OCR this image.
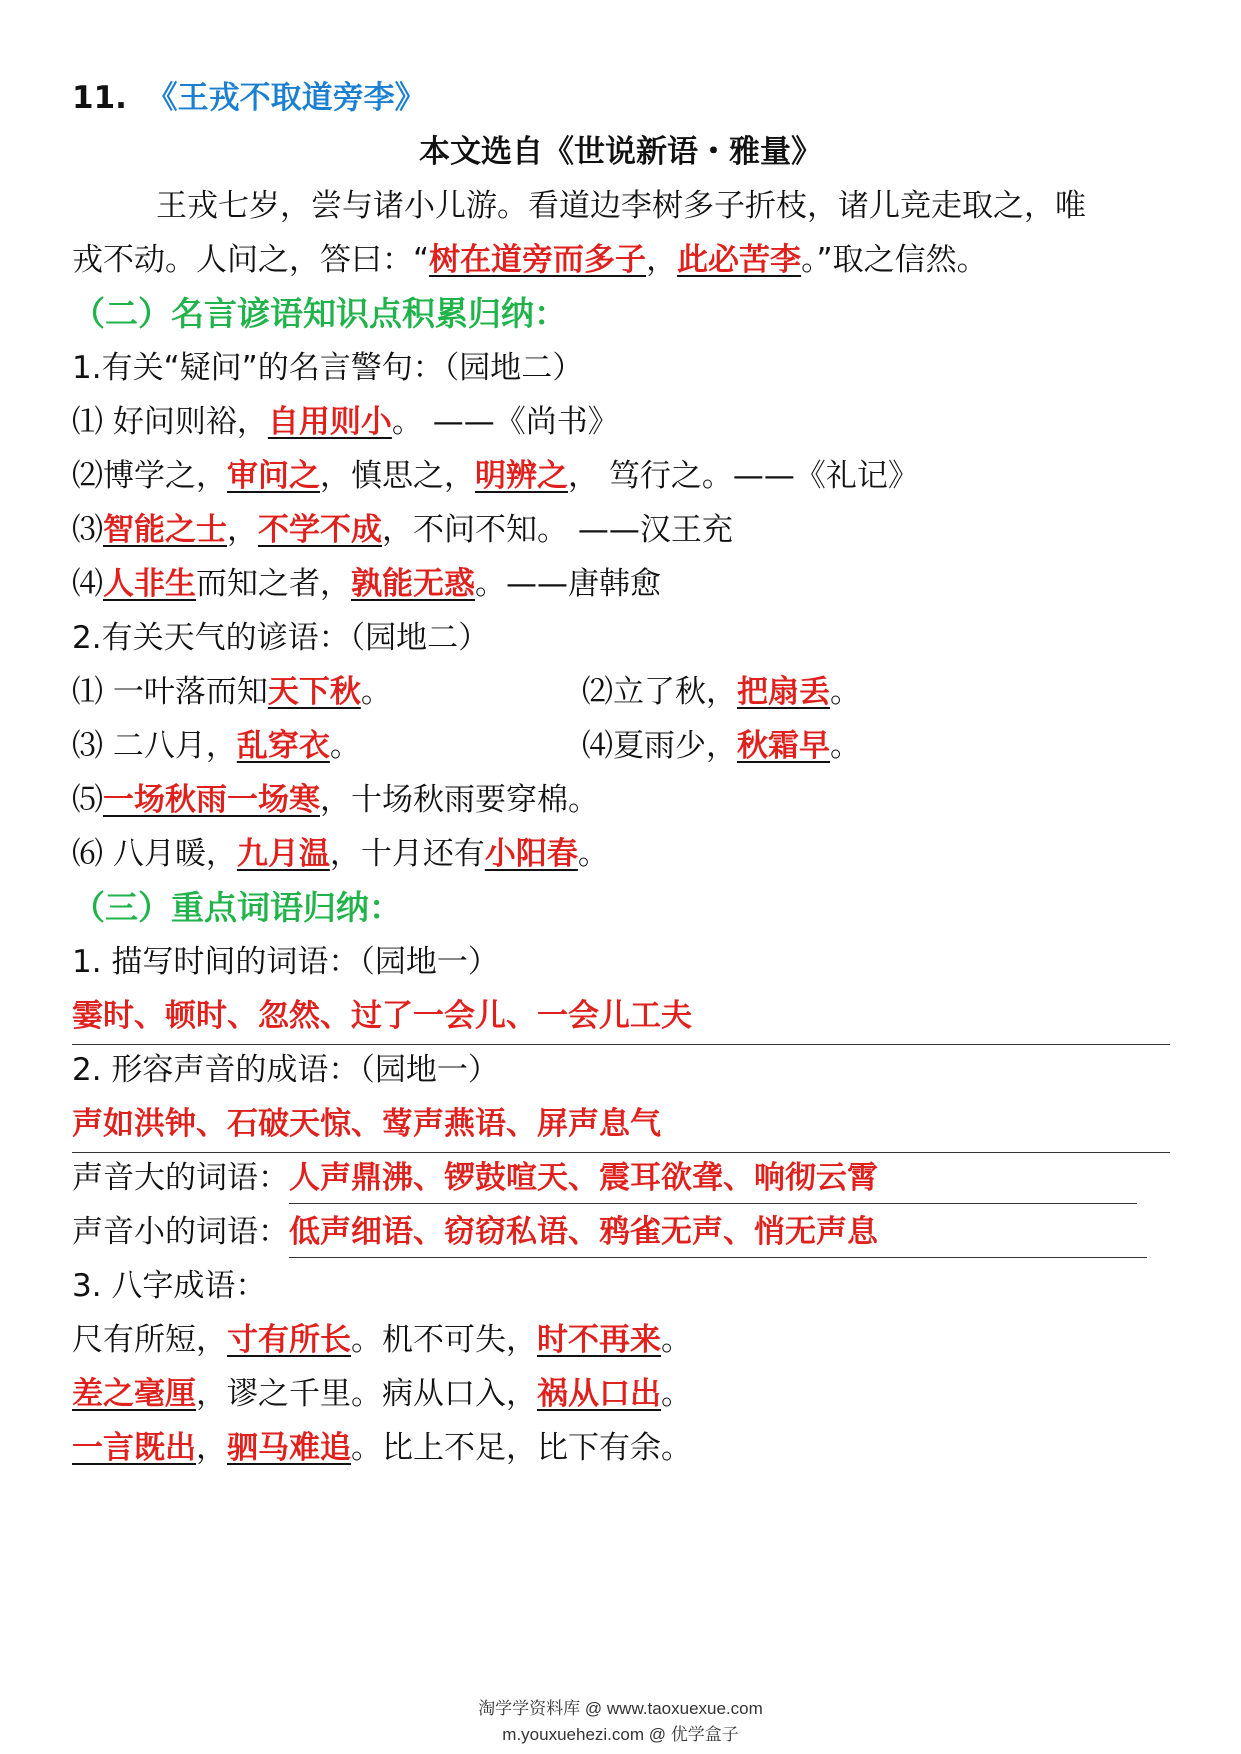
11. 《王戎不取道旁李》
本文选自《世说新语・雅量》
王戎七岁，尝与诸小儿游。看道边李树多子折枝，诸儿竞走取之，唯
戎不动。人问之，答曰：“树在道旁而多子，此必苦李。”取之信然。
（二）名言谚语知识点积累归纳：
1.有关“疑问”的名言警句：（园地二）
⑴ 好问则裕，自用则小。 ——《尚书》
⑵博学之，审问之，慎思之，明辨之， 笃行之。——《礼记》
⑶智能之士，不学不成，不问不知。 ——汉王充
⑷人非生而知之者，孰能无惑。——唐韩愈
2.有关天气的谚语：（园地二）
⑴ 一叶落而知天下秋。	⑵立了秋，把扇丢。
⑶ 二八月，乱穿衣。	⑷夏雨少，秋霜早。
⑸一场秋雨一场寒，十场秋雨要穿棉。
⑹ 八月暖，九月温，十月还有小阳春。
（三）重点词语归纳：
1. 描写时间的词语：（园地一）
霎时、顿时、忽然、过了一会儿、一会儿工夫
2. 形容声音的成语：（园地一）
声如洪钟、石破天惊、莺声燕语、屏声息气
声音大的词语：人声鼎沸、锣鼓喧天、震耳欲聋、响彻云霄
声音小的词语：低声细语、窃窃私语、鸦雀无声、悄无声息
3. 八字成语：
尺有所短，寸有所长。机不可失，时不再来。
差之毫厘，谬之千里。病从口入，祸从口出。
一言既出，驷马难追。比上不足，比下有余。
淘学学资料库 @ www.taoxuexue.com
m.youxuehezi.com @ 优学盒子
